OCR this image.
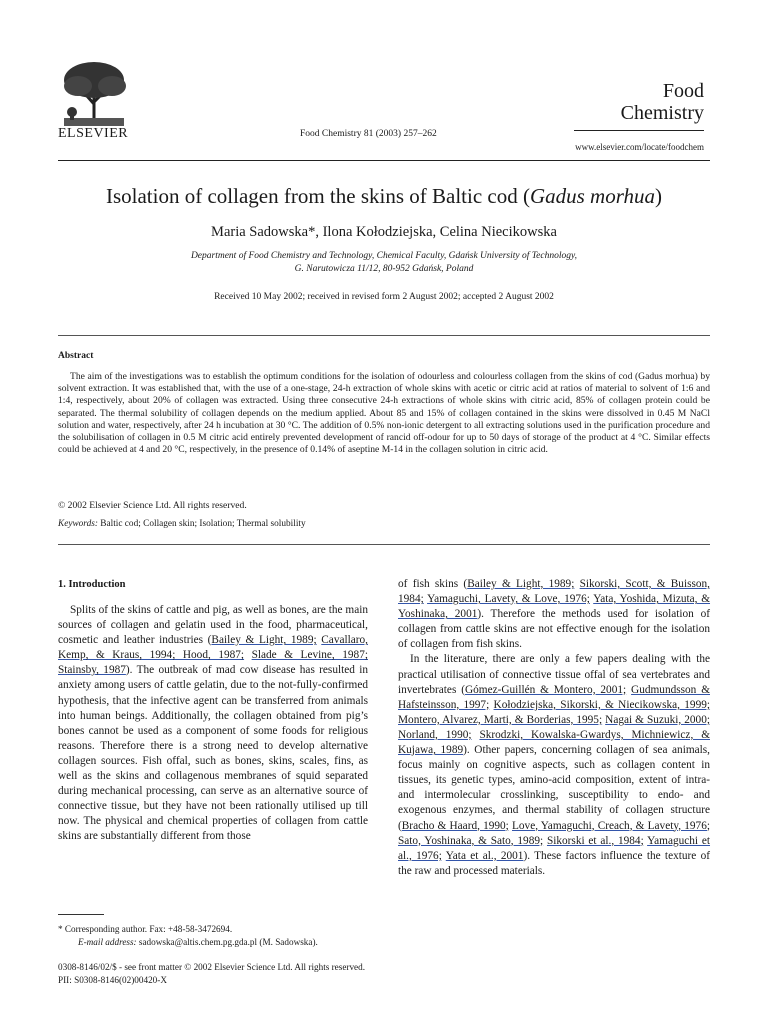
ELSEVIER	Food Chemistry 81 (2003) 257–262
Food
Chemistry
www.elsevier.com/locate/foodchem
Isolation of collagen from the skins of Baltic cod (Gadus morhua)
Maria Sadowska*, Ilona Kołodziejska, Celina Niecikowska
Department of Food Chemistry and Technology, Chemical Faculty, Gdańsk University of Technology,
G. Narutowicza 11/12, 80-952 Gdańsk, Poland
Received 10 May 2002; received in revised form 2 August 2002; accepted 2 August 2002
Abstract
The aim of the investigations was to establish the optimum conditions for the isolation of odourless and colourless collagen from the skins of cod (Gadus morhua) by solvent extraction. It was established that, with the use of a one-stage, 24-h extraction of whole skins with acetic or citric acid at ratios of material to solvent of 1:6 and 1:4, respectively, about 20% of collagen was extracted. Using three consecutive 24-h extractions of whole skins with citric acid, 85% of collagen protein could be separated. The thermal solubility of collagen depends on the medium applied. About 85 and 15% of collagen contained in the skins were dissolved in 0.45 M NaCl solution and water, respectively, after 24 h incubation at 30 °C. The addition of 0.5% non-ionic detergent to all extracting solutions used in the purification procedure and the solubilisation of collagen in 0.5 M citric acid entirely prevented development of rancid off-odour for up to 50 days of storage of the product at 4 °C. Similar effects could be achieved at 4 and 20 °C, respectively, in the presence of 0.14% of aseptine M-14 in the collagen solution in citric acid.
© 2002 Elsevier Science Ltd. All rights reserved.
Keywords: Baltic cod; Collagen skin; Isolation; Thermal solubility
1. Introduction

Splits of the skins of cattle and pig, as well as bones, are the main sources of collagen and gelatin used in the food, pharmaceutical, cosmetic and leather industries (Bailey & Light, 1989; Cavallaro, Kemp, & Kraus, 1994; Hood, 1987; Slade & Levine, 1987; Stainsby, 1987). The outbreak of mad cow disease has resulted in anxiety among users of cattle gelatin, due to the not-fully-confirmed hypothesis, that the infective agent can be transferred from animals into human beings. Additionally, the collagen obtained from pig’s bones cannot be used as a component of some foods for religious reasons. Therefore there is a strong need to develop alternative collagen sources. Fish offal, such as bones, skins, scales, fins, as well as the skins and collagenous membranes of squid separated during mechanical processing, can serve as an alternative source of connective tissue, but they have not been rationally utilised up till now. The physical and chemical properties of collagen from cattle skins are substantially different from those

of fish skins (Bailey & Light, 1989; Sikorski, Scott, & Buisson, 1984; Yamaguchi, Lavety, & Love, 1976; Yata, Yoshida, Mizuta, & Yoshinaka, 2001). Therefore the methods used for isolation of collagen from cattle skins are not effective enough for the isolation of collagen from fish skins.

In the literature, there are only a few papers dealing with the practical utilisation of connective tissue offal of sea vertebrates and invertebrates (Gómez-Guillén & Montero, 2001; Gudmundsson & Hafsteinsson, 1997; Kołodziejska, Sikorski, & Niecikowska, 1999; Montero, Alvarez, Marti, & Borderias, 1995; Nagai & Suzuki, 2000; Norland, 1990; Skrodzki, Kowalska-Gwardys, Michniewicz, & Kujawa, 1989). Other papers, concerning collagen of sea animals, focus mainly on cognitive aspects, such as collagen content in tissues, its genetic types, amino-acid composition, extent of intra- and intermolecular crosslinking, susceptibility to endo- and exogenous enzymes, and thermal stability of collagen structure (Bracho & Haard, 1990; Love, Yamaguchi, Creach, & Lavety, 1976; Sato, Yoshinaka, & Sato, 1989; Sikorski et al., 1984; Yamaguchi et al., 1976; Yata et al., 2001). These factors influence the texture of the raw and processed materials.

* Corresponding author. Fax: +48-58-3472694.
E-mail address: sadowska@altis.chem.pg.gda.pl (M. Sadowska).
0308-8146/02/$ - see front matter © 2002 Elsevier Science Ltd. All rights reserved.
PII: S0308-8146(02)00420-X
